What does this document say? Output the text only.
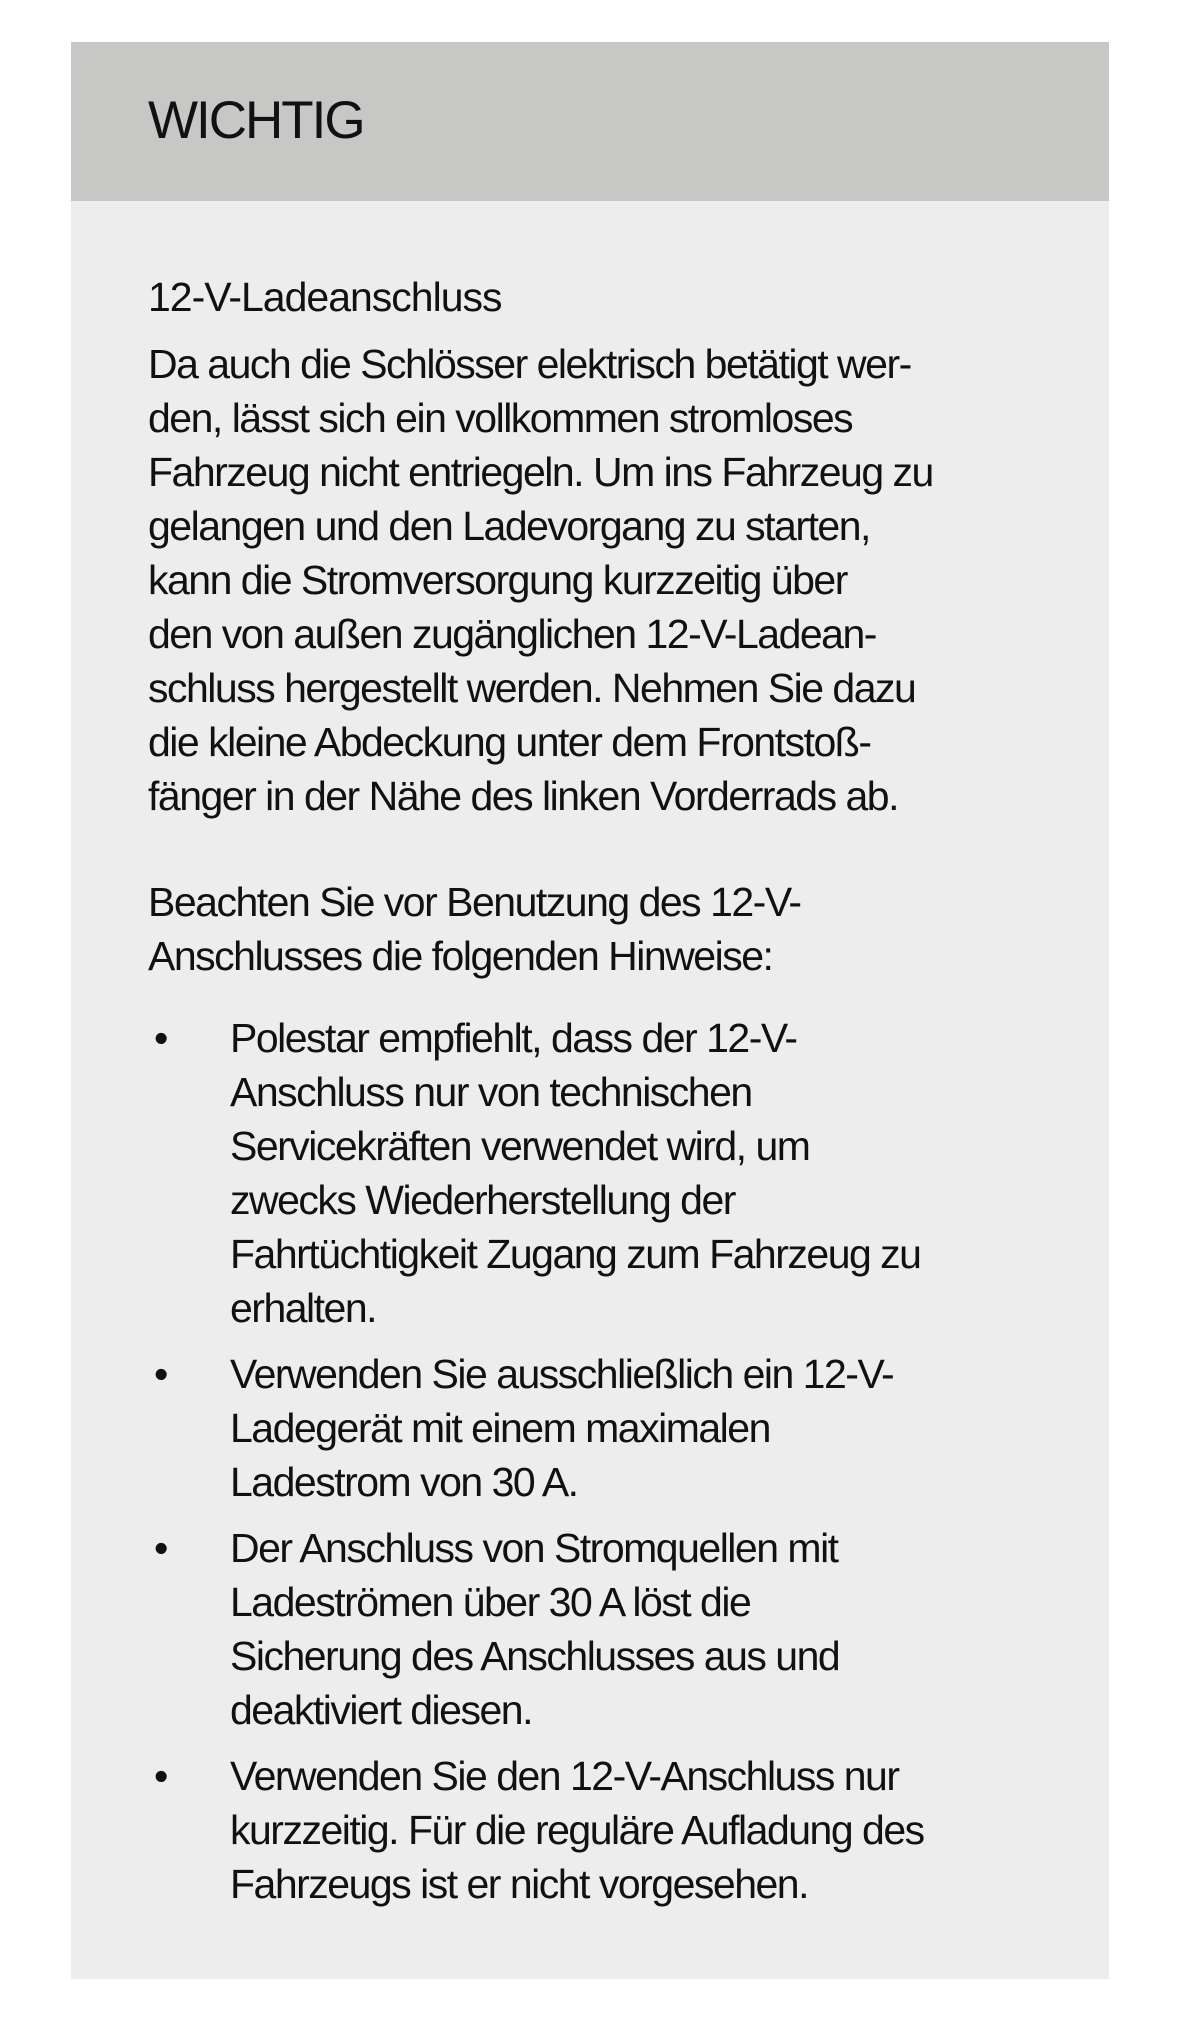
WICHTIG

12-V-Ladeanschluss

Da auch die Schlösser elektrisch betätigt wer-
den, lässt sich ein vollkommen stromloses
Fahrzeug nicht entriegeln. Um ins Fahrzeug zu
gelangen und den Ladevorgang zu starten,
kann die Stromversorgung kurzzeitig über
den von außen zugänglichen 12-V-Ladean-
schluss hergestellt werden. Nehmen Sie dazu
die kleine Abdeckung unter dem Frontstoß-
fänger in der Nähe des linken Vorderrads ab.

Beachten Sie vor Benutzung des 12-V-
Anschlusses die folgenden Hinweise:

• Polestar empfiehlt, dass der 12-V-
Anschluss nur von technischen
Servicekräften verwendet wird, um
zwecks Wiederherstellung der
Fahrtüchtigkeit Zugang zum Fahrzeug zu
erhalten.
• Verwenden Sie ausschließlich ein 12-V-
Ladegerät mit einem maximalen
Ladestrom von 30 A.
• Der Anschluss von Stromquellen mit
Ladeströmen über 30 A löst die
Sicherung des Anschlusses aus und
deaktiviert diesen.
• Verwenden Sie den 12-V-Anschluss nur
kurzzeitig. Für die reguläre Aufladung des
Fahrzeugs ist er nicht vorgesehen.
